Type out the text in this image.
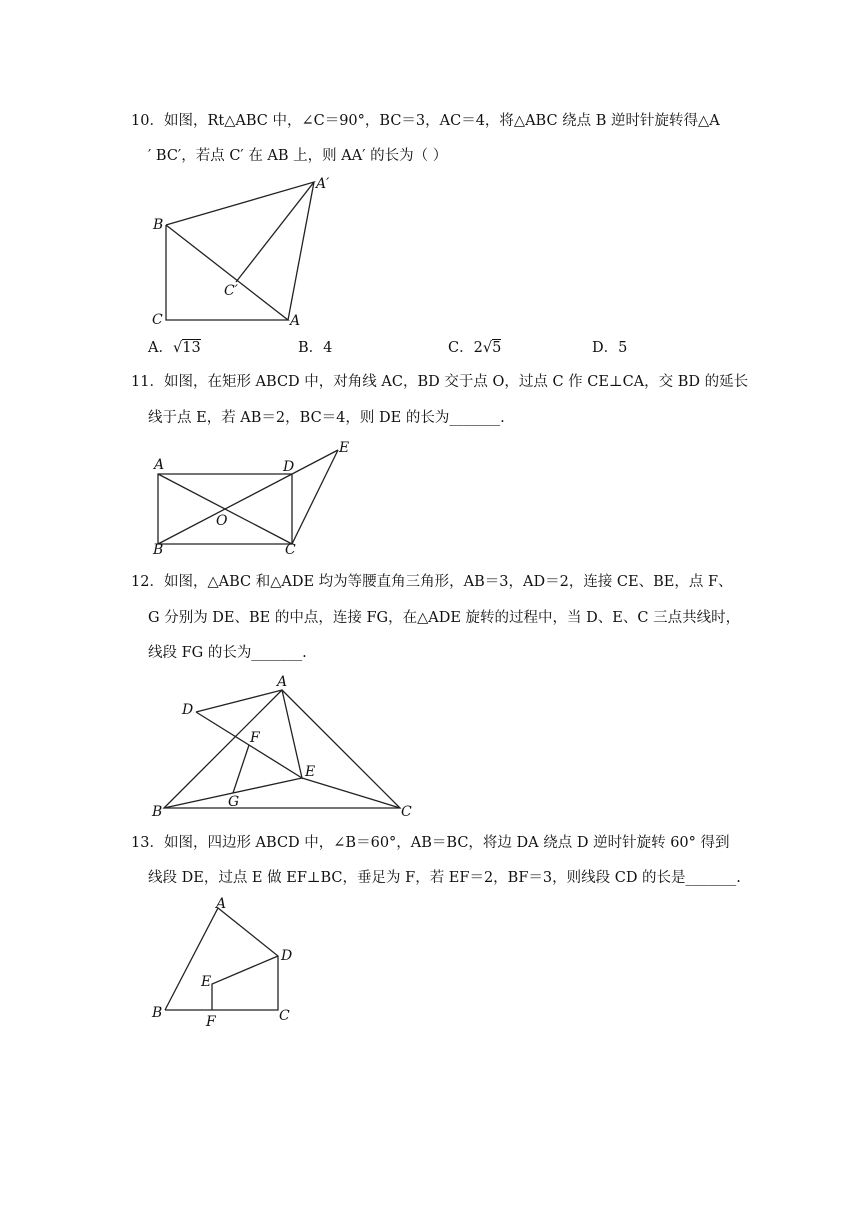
10．如图，Rt△ABC 中，∠C＝90°，BC＝3，AC＝4，将△ABC 绕点 B 逆时针旋转得△A
′ BC′，若点 C′ 在 AB 上，则 AA′ 的长为（ ）
A′
B
C′
C	A
A．√13	B．4	C．2√5	D．5
11．如图，在矩形 ABCD 中，对角线 AC，BD 交于点 O，过点 C 作 CE⊥CA，交 BD 的延长
线于点 E，若 AB＝2，BC＝4，则 DE 的长为_______.
A	D
E
O
B	C
12．如图，△ABC 和△ADE 均为等腰直角三角形，AB＝3，AD＝2，连接 CE、BE，点 F、
G 分别为 DE、BE 的中点，连接 FG，在△ADE 旋转的过程中，当 D、E、C 三点共线时，
线段 FG 的长为_______.
A
D
F
E
G
B	C
13．如图，四边形 ABCD 中，∠B＝60°，AB＝BC，将边 DA 绕点 D 逆时针旋转 60° 得到
线段 DE，过点 E 做 EF⊥BC，垂足为 F，若 EF＝2，BF＝3，则线段 CD 的长是_______.
A
D
E
B
F	C
